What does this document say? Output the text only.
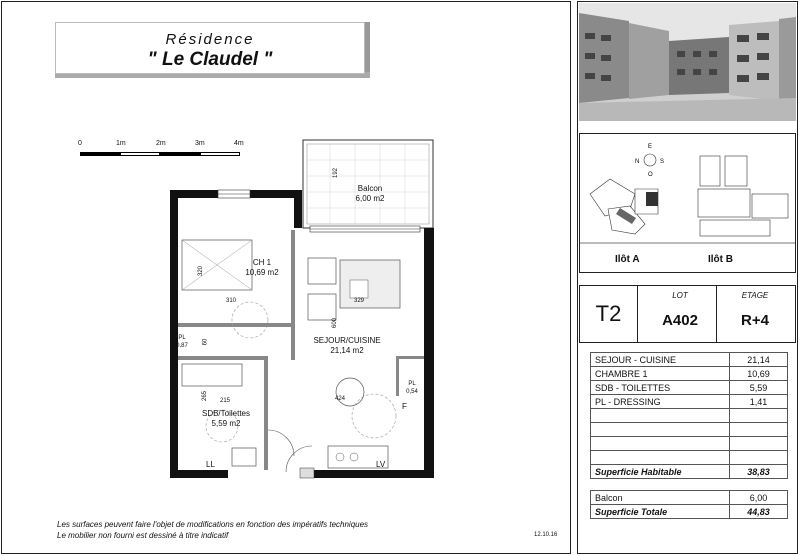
Résidence
" Le Claudel "
0	1m	2m	3m	4m
Balcon
6,00 m2
CH 1
10,69 m2
SEJOUR/CUISINE
21,14 m2
SDB/Toilettes
5,59 m2
PL
0,87
PL
0,54
192
320
310	329
600
60
424
265 215
LL	LV
F
Les surfaces peuvent faire l'objet de modifications en fonction des impératifs techniques
Le mobilier non fourni est dessiné à titre indicatif	12.10.16
E
N	S
O
Ilôt A	Ilôt B
T2
LOT
A402
ETAGE
R+4
SEJOUR - CUISINE	21,14
CHAMBRE 1	10,69
SDB - TOILETTES	5,59
PL - DRESSING	1,41

Superficie Habitable	38,83

Balcon	6,00
Superficie Totale	44,83
